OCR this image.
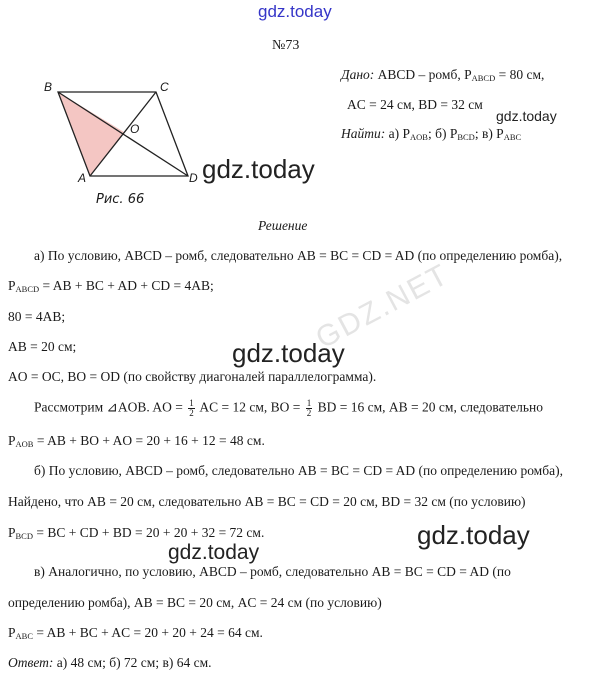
gdz.today
gdz.today
gdz.today
gdz.today
gdz.today
gdz.today
GDZ.NET
№73
B	C
A	D
O
Рис. 66
Дано: ABCD – ромб, $P_{ABCD} = 80$ см,
AC = 24 см, BD = 32 см
Найти: а) $P_{AOB}$; б) $P_{BCD}$; в) $P_{ABC}$
Решение
а) По условию, ABCD – ромб, следовательно AB = BC = CD = AD (по определению ромба),
$P_{ABCD}$ = AB + BC + AD + CD = 4AB;
80 = 4AB;
AB = 20 см;
AO = OC, BO = OD (по свойству диагоналей параллелограмма).
Рассмотрим ⊿AOB. AO = $\frac{1}{2}$ AC = 12 см, BO = $\frac{1}{2}$ BD = 16 см, AB = 20 см, следовательно
$P_{AOB}$ = AB + BO + AO = 20 + 16 + 12 = 48 см.
б) По условию, ABCD – ромб, следовательно AB = BC = CD = AD (по определению ромба),
Найдено, что AB = 20 см, следовательно AB = BC = CD = 20 см, BD = 32 см (по условию)
$P_{BCD}$ = BC + CD + BD = 20 + 20 + 32 = 72 см.
в) Аналогично, по условию, ABCD – ромб, следовательно AB = BC = CD = AD (по
определению ромба), AB = BC = 20 см, AC = 24 см (по условию)
$P_{ABC}$ = AB + BC + AC = 20 + 20 + 24 = 64 см.
Ответ: а) 48 см; б) 72 см; в) 64 см.
